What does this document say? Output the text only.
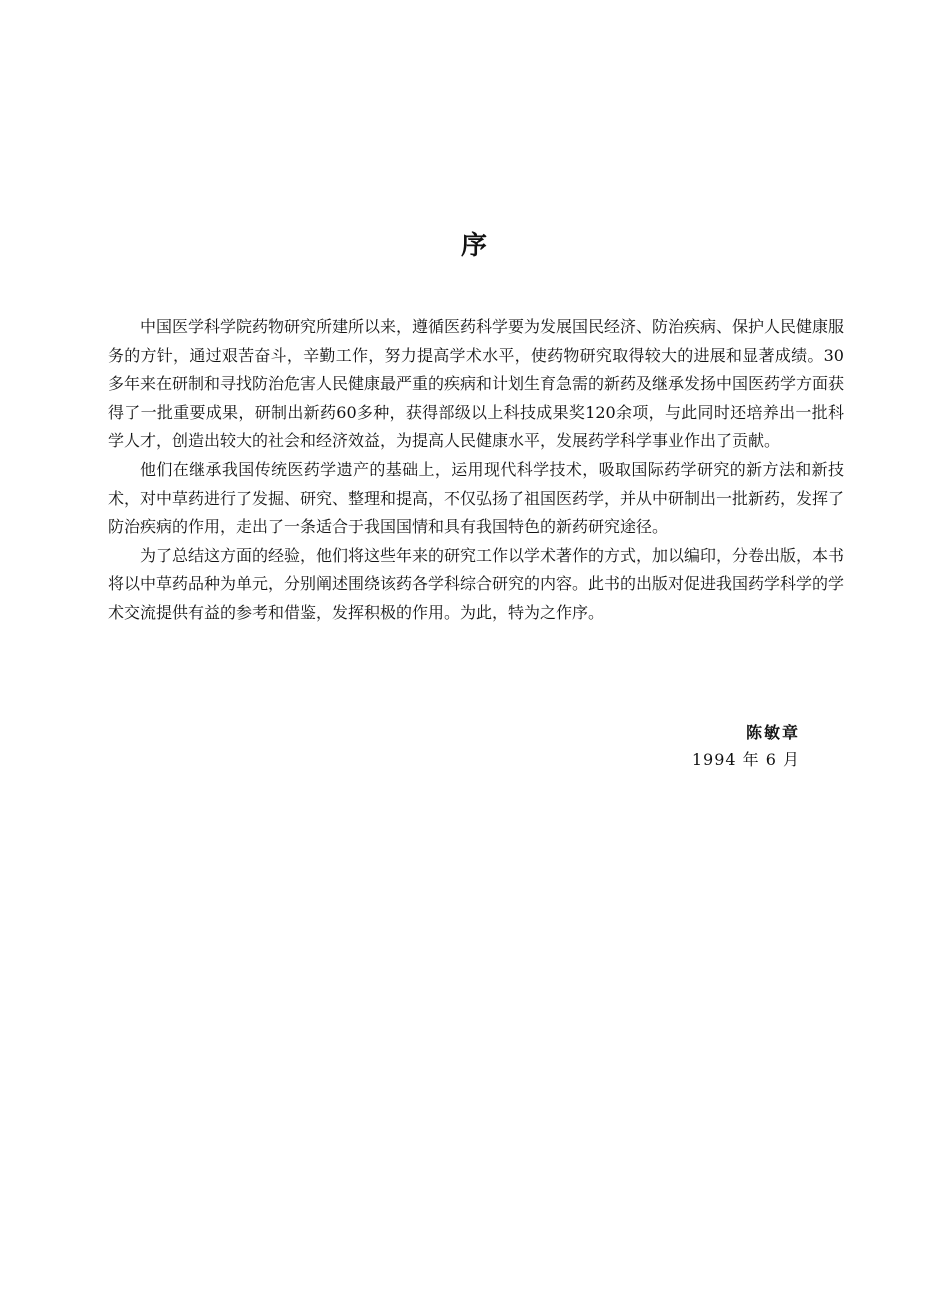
序

中国医学科学院药物研究所建所以来，遵循医药科学要为发展国民经济、防治疾病、保护人民健康服务的方针，通过艰苦奋斗，辛勤工作，努力提高学术水平，使药物研究取得较大的进展和显著成绩。30多年来在研制和寻找防治危害人民健康最严重的疾病和计划生育急需的新药及继承发扬中国医药学方面获得了一批重要成果，研制出新药60多种，获得部级以上科技成果奖120余项，与此同时还培养出一批科学人才，创造出较大的社会和经济效益，为提高人民健康水平，发展药学科学事业作出了贡献。

他们在继承我国传统医药学遗产的基础上，运用现代科学技术，吸取国际药学研究的新方法和新技术，对中草药进行了发掘、研究、整理和提高，不仅弘扬了祖国医药学，并从中研制出一批新药，发挥了防治疾病的作用，走出了一条适合于我国国情和具有我国特色的新药研究途径。

为了总结这方面的经验，他们将这些年来的研究工作以学术著作的方式，加以编印，分卷出版，本书将以中草药品种为单元，分别阐述围绕该药各学科综合研究的内容。此书的出版对促进我国药学科学的学术交流提供有益的参考和借鉴，发挥积极的作用。为此，特为之作序。

陈敏章
1994 年 6 月
